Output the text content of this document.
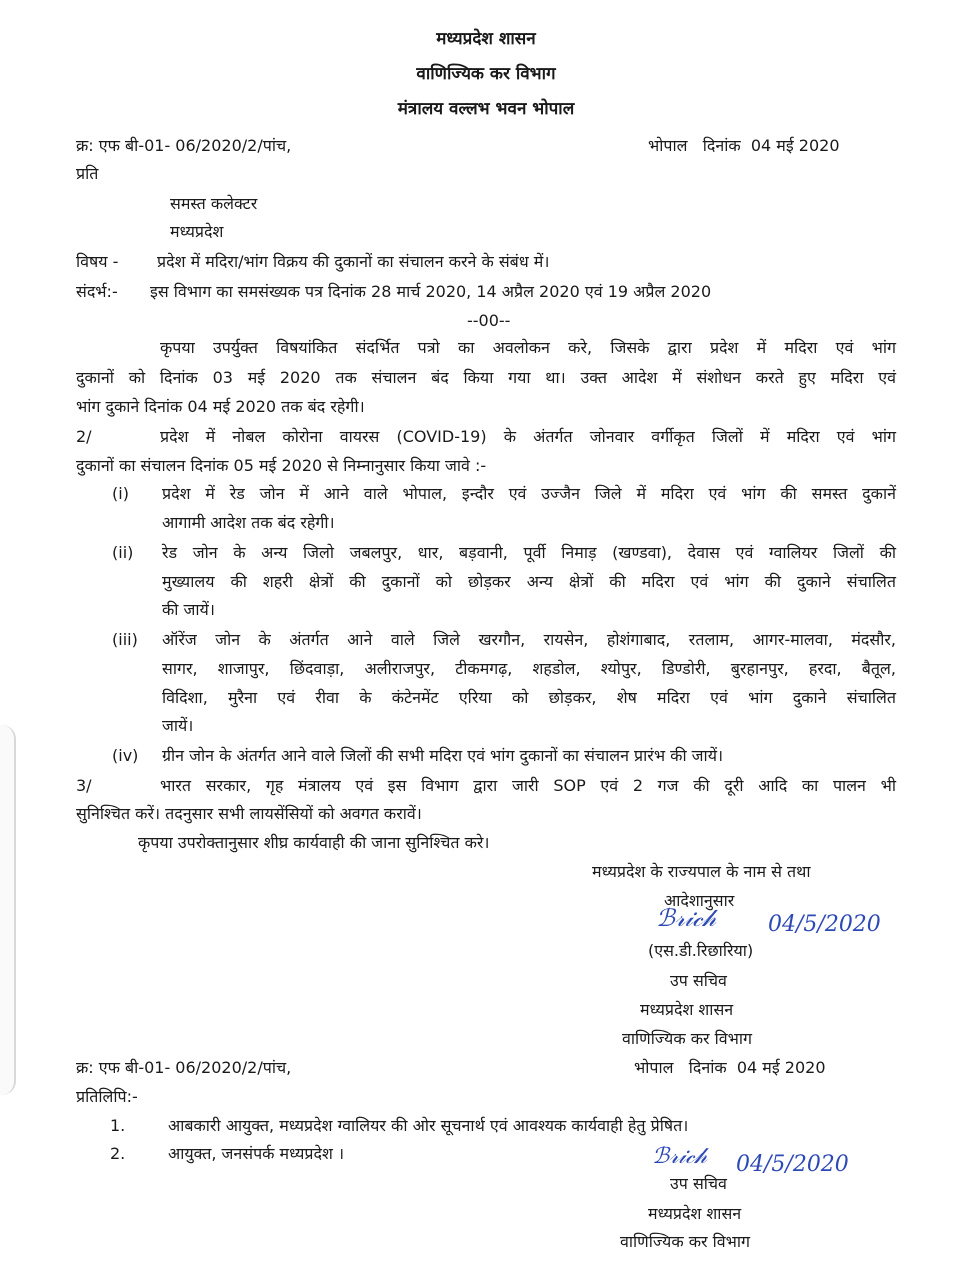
मध्यप्रदेश शासन
वाणिज्यिक कर विभाग
मंत्रालय वल्लभ भवन भोपाल
क्र: एफ बी-01- 06/2020/2/पांच,	भोपाल   दिनांक  04 मई 2020
प्रति
समस्त कलेक्टर
मध्यप्रदेश
विषय - प्रदेश में मदिरा/भांग विक्रय की दुकानों का संचालन करने के संबंध में।
संदर्भ:- इस विभाग का समसंख्यक पत्र दिनांक 28 मार्च 2020, 14 अप्रैल 2020 एवं 19 अप्रैल 2020
--00--
कृपया उपर्युक्त विषयांकित संदर्भित पत्रो का अवलोकन करे, जिसके द्वारा प्रदेश में मदिरा एवं भांग
दुकानों को दिनांक 03 मई 2020 तक संचालन बंद किया गया था। उक्त आदेश में संशोधन करते हुए मदिरा एवं
भांग दुकाने दिनांक 04 मई 2020 तक बंद रहेगी।
2/	प्रदेश में नोबल कोरोना वायरस (COVID-19) के अंतर्गत जोनवार वर्गीकृत जिलों में मदिरा एवं भांग
दुकानों का संचालन दिनांक 05 मई 2020 से निम्नानुसार किया जावे :-
(i) प्रदेश में रेड जोन में आने वाले भोपाल, इन्दौर एवं उज्जैन जिले में मदिरा एवं भांग की समस्त दुकानें
आगामी आदेश तक बंद रहेगी।
(ii) रेड जोन के अन्य जिलो जबलपुर, धार, बड़वानी, पूर्वी निमाड़ (खण्डवा), देवास एवं ग्वालियर जिलों की
मुख्यालय की शहरी क्षेत्रों की दुकानों को छोड़कर अन्य क्षेत्रों की मदिरा एवं भांग की दुकाने संचालित
की जायें।
(iii) ऑरेंज जोन के अंतर्गत आने वाले जिले खरगौन, रायसेन, होशंगाबाद, रतलाम, आगर-मालवा, मंदसौर,
सागर, शाजापुर, छिंदवाड़ा, अलीराजपुर, टीकमगढ़, शहडोल, श्योपुर, डिण्डोरी, बुरहानपुर, हरदा, बैतूल,
विदिशा, मुरैना एवं रीवा के कंटेनमेंट एरिया को छोड़कर, शेष मदिरा एवं भांग दुकाने संचालित
जायें।
(iv) ग्रीन जोन के अंतर्गत आने वाले जिलों की सभी मदिरा एवं भांग दुकानों का संचालन प्रारंभ की जायें।
3/	भारत सरकार, गृह मंत्रालय एवं इस विभाग द्वारा जारी SOP एवं 2 गज की दूरी आदि का पालन भी
सुनिश्चित करें। तदनुसार सभी लायसेंसियों को अवगत करावें।
कृपया उपरोक्तानुसार शीघ्र कार्यवाही की जाना सुनिश्चित करे।
मध्यप्रदेश के राज्यपाल के नाम से तथा
आदेशानुसार
ℬ𝓇𝒾𝒸𝒽 04/5/2020
(एस.डी.रिछारिया)
उप सचिव
मध्यप्रदेश शासन
वाणिज्यिक कर विभाग
क्र: एफ बी-01- 06/2020/2/पांच,	भोपाल   दिनांक  04 मई 2020
प्रतिलिपि:-
1.	आबकारी आयुक्त, मध्यप्रदेश ग्वालियर की ओर सूचनार्थ एवं आवश्यक कार्यवाही हेतु प्रेषित।
2.	आयुक्त, जनसंपर्क मध्यप्रदेश ।	ℬ𝓇𝒾𝒸𝒽 04/5/2020
उप सचिव
मध्यप्रदेश शासन
वाणिज्यिक कर विभाग
